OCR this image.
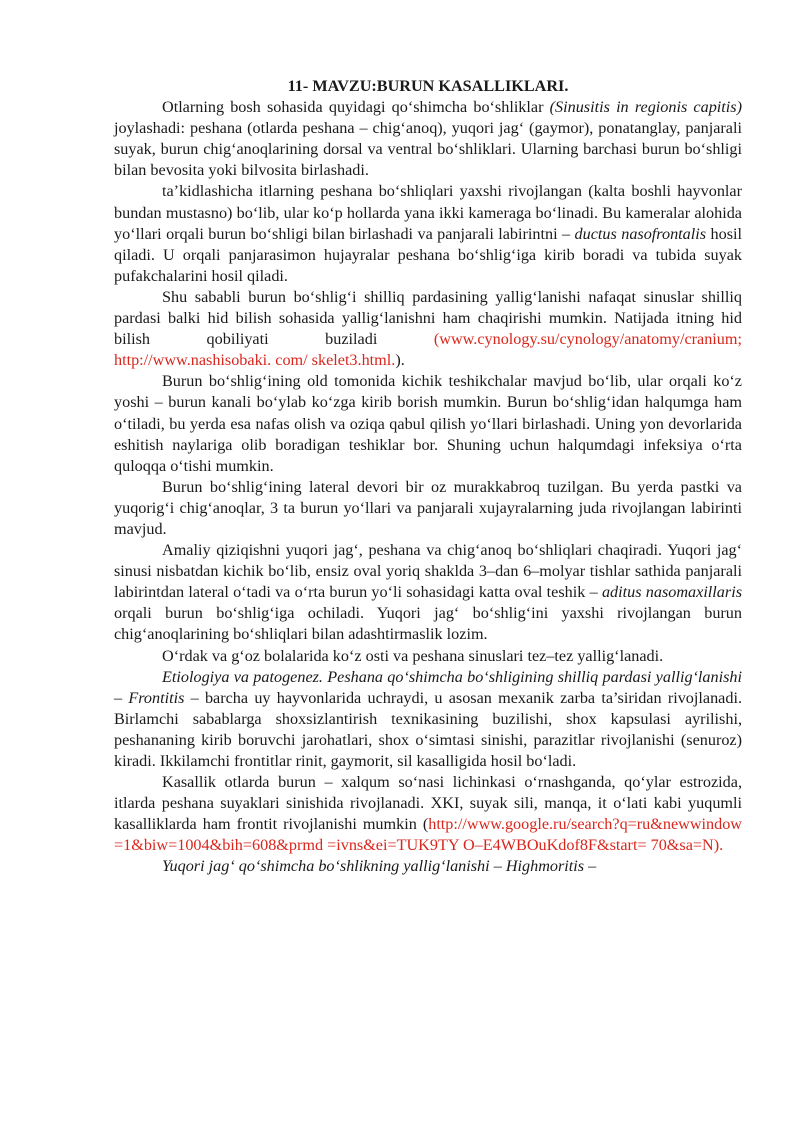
11- MAVZU:BURUN KASALLIKLARI.

Otlarning bosh sohasida quyidagi qo‘shimcha bo‘shliklar (Sinusitis in regionis capitis) joylashadi: peshana (otlarda peshana – chig‘anoq), yuqori jag‘ (gaymor), ponatanglay, panjarali suyak, burun chig‘anoqlarining dorsal va ventral bo‘shliklari. Ularning barchasi burun bo‘shligi bilan bevosita yoki bilvosita birlashadi.

ta’kidlashicha itlarning peshana bo‘shliqlari yaxshi rivojlangan (kalta boshli hayvonlar bundan mustasno) bo‘lib, ular ko‘p hollarda yana ikki kameraga bo‘linadi. Bu kameralar alohida yo‘llari orqali burun bo‘shligi bilan birlashadi va panjarali labirintni – ductus nasofrontalis hosil qiladi. U orqali panjarasimon hujayralar peshana bo‘shlig‘iga kirib boradi va tubida suyak pufakchalarini hosil qiladi.

Shu sababli burun bo‘shlig‘i shilliq pardasining yallig‘lanishi nafaqat sinuslar shilliq pardasi balki hid bilish sohasida yallig‘lanishni ham chaqirishi mumkin. Natijada itning hid bilish qobiliyati buziladi (www.cynology.su/cynology/anatomy/cranium; http://www.nashisobaki. com/ skelet3.html.).

Burun bo‘shlig‘ining old tomonida kichik teshikchalar mavjud bo‘lib, ular orqali ko‘z yoshi – burun kanali bo‘ylab ko‘zga kirib borish mumkin. Burun bo‘shlig‘idan halqumga ham o‘tiladi, bu yerda esa nafas olish va oziqa qabul qilish yo‘llari birlashadi. Uning yon devorlarida eshitish naylariga olib boradigan teshiklar bor. Shuning uchun halqumdagi infeksiya o‘rta quloqqa o‘tishi mumkin.

Burun bo‘shlig‘ining lateral devori bir oz murakkabroq tuzilgan. Bu yerda pastki va yuqorig‘i chig‘anoqlar, 3 ta burun yo‘llari va panjarali xujayralarning juda rivojlangan labirinti mavjud.

Amaliy qiziqishni yuqori jag‘, peshana va chig‘anoq bo‘shliqlari chaqiradi. Yuqori jag‘ sinusi nisbatdan kichik bo‘lib, ensiz oval yoriq shaklda 3–dan 6–molyar tishlar sathida panjarali labirintdan lateral o‘tadi va o‘rta burun yo‘li sohasidagi katta oval teshik – aditus nasomaxillaris orqali burun bo‘shlig‘iga ochiladi. Yuqori jag‘ bo‘shlig‘ini yaxshi rivojlangan burun chig‘anoqlarining bo‘shliqlari bilan adashtirmaslik lozim.

O‘rdak va g‘oz bolalarida ko‘z osti va peshana sinuslari tez–tez yallig‘lanadi.

Etiologiya va patogenez. Peshana qo‘shimcha bo‘shligining shilliq pardasi yallig‘lanishi – Frontitis – barcha uy hayvonlarida uchraydi, u asosan mexanik zarba ta’siridan rivojlanadi. Birlamchi sabablarga shoxsizlantirish texnikasining buzilishi, shox kapsulasi ayrilishi, peshananing kirib boruvchi jarohatlari, shox o‘simtasi sinishi, parazitlar rivojlanishi (senuroz) kiradi. Ikkilamchi frontitlar rinit, gaymorit, sil kasalligida hosil bo‘ladi.

Kasallik otlarda burun – xalqum so‘nasi lichinkasi o‘rnashganda, qo‘ylar estrozida, itlarda peshana suyaklari sinishida rivojlanadi. XKI, suyak sili, manqa, it o‘lati kabi yuqumli kasalliklarda ham frontit rivojlanishi mumkin (http://www.google.ru/search?q=ru&newwindow =1&biw=1004&bih=608&prmd =ivns&ei=TUK9TY O–E4WBOuKdof8F&start= 70&sa=N).

Yuqori jag‘ qo‘shimcha bo‘shlikning yallig‘lanishi – Highmoritis –
